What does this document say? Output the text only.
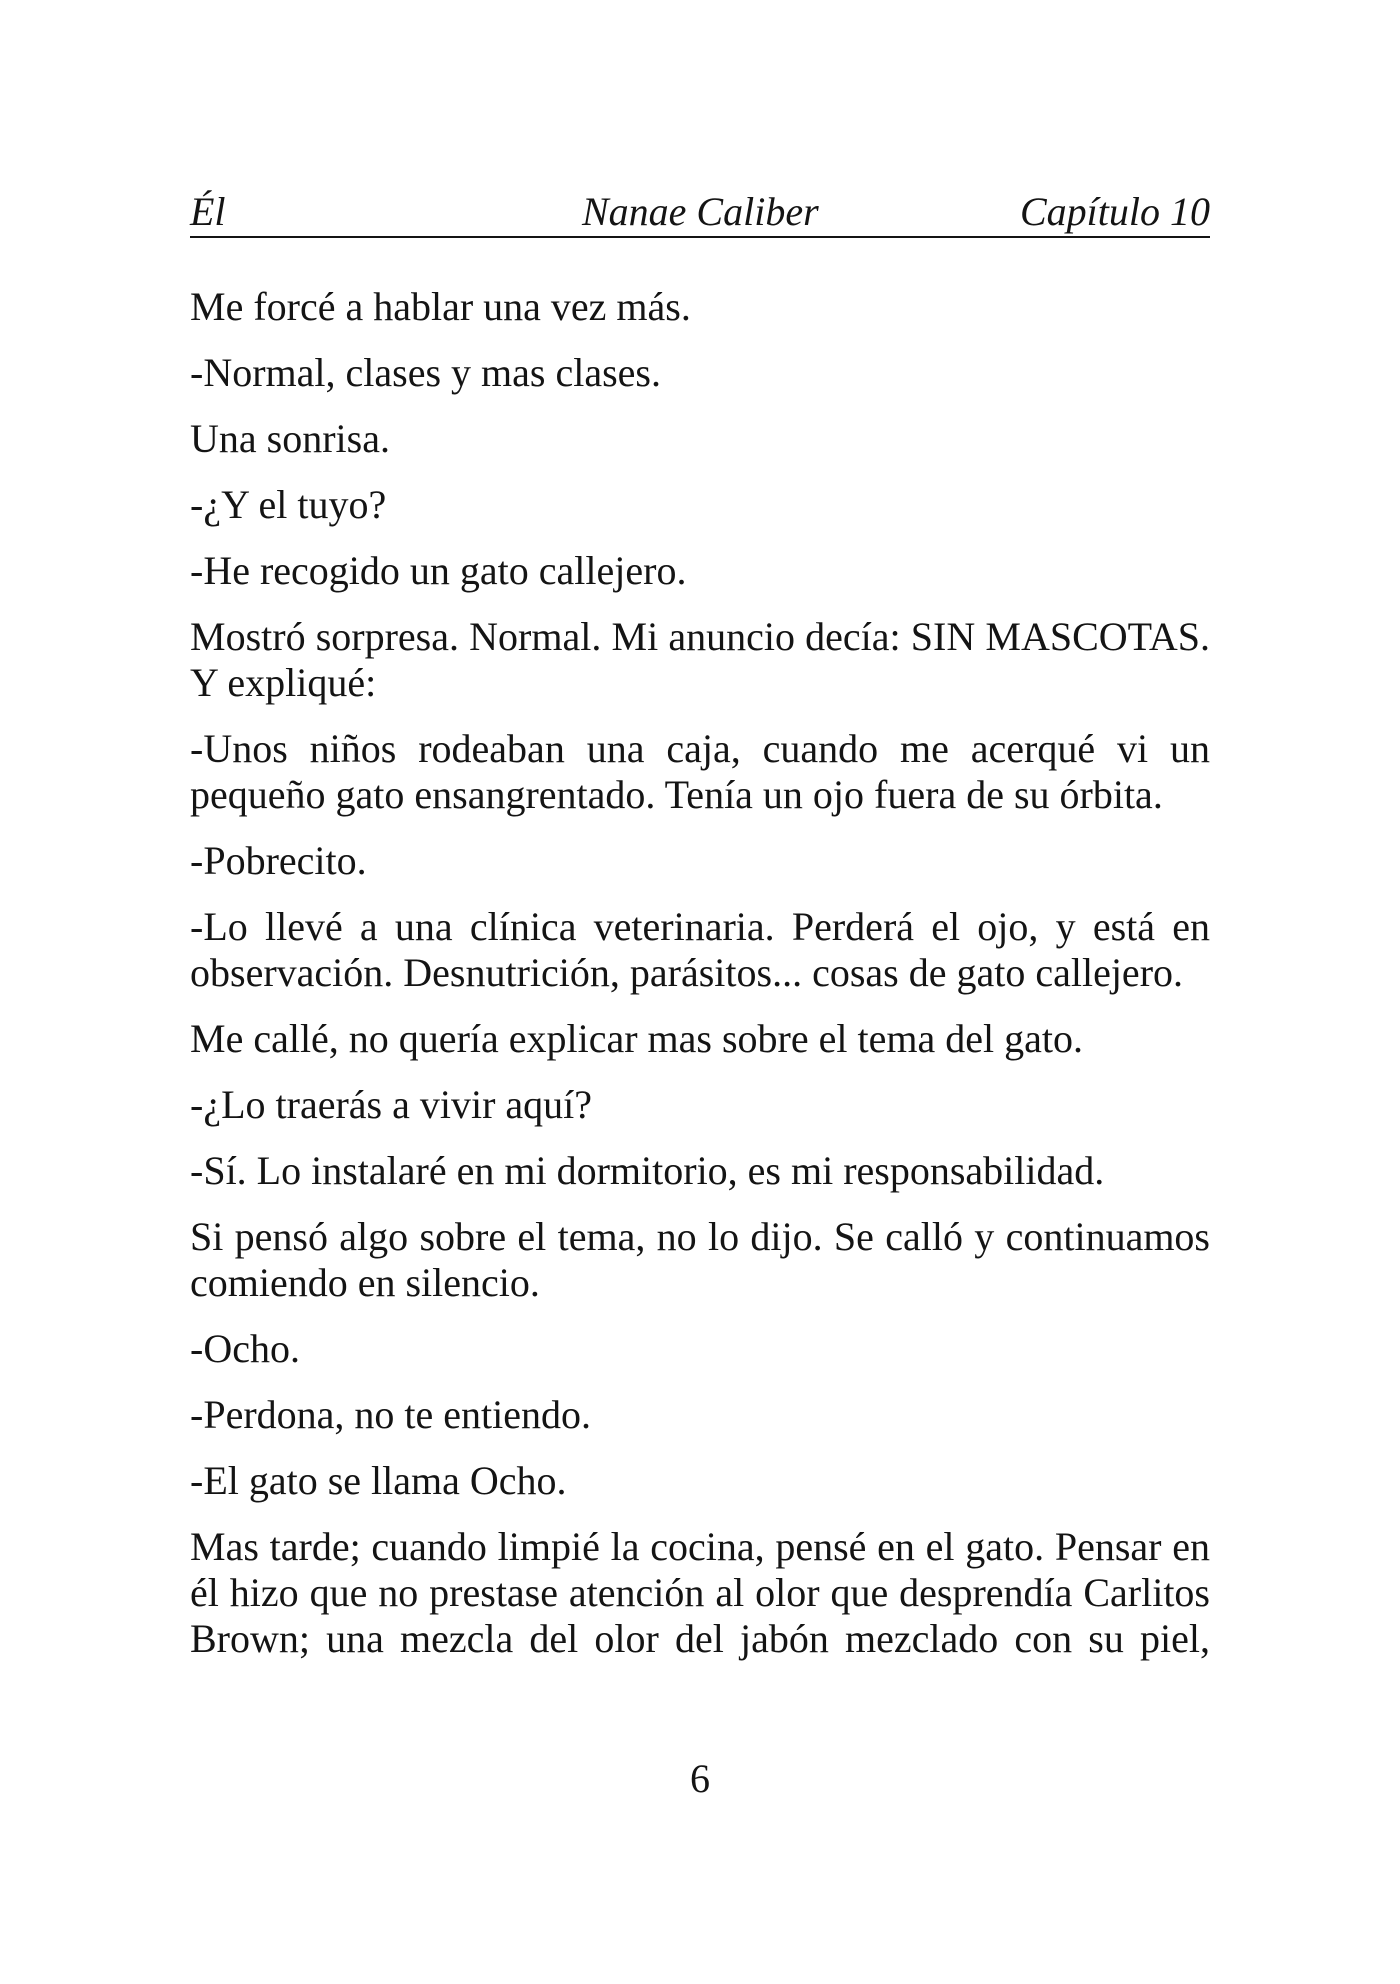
Él	Nanae Caliber	Capítulo 10

Me forcé a hablar una vez más.

-Normal, clases y mas clases.

Una sonrisa.

-¿Y el tuyo?

-He recogido un gato callejero.

Mostró sorpresa. Normal. Mi anuncio decía: SIN MASCOTAS. Y expliqué:

-Unos niños rodeaban una caja, cuando me acerqué vi un pequeño gato ensangrentado. Tenía un ojo fuera de su órbita.

-Pobrecito.

-Lo llevé a una clínica veterinaria. Perderá el ojo, y está en observación. Desnutrición, parásitos... cosas de gato callejero.

Me callé, no quería explicar mas sobre el tema del gato.

-¿Lo traerás a vivir aquí?

-Sí. Lo instalaré en mi dormitorio, es mi responsabilidad.

Si pensó algo sobre el tema, no lo dijo. Se calló y continuamos comiendo en silencio.

-Ocho.

-Perdona, no te entiendo.

-El gato se llama Ocho.

Mas tarde; cuando limpié la cocina, pensé en el gato. Pensar en él hizo que no prestase atención al olor que desprendía Carlitos Brown; una mezcla del olor del jabón mezclado con su piel,

6
